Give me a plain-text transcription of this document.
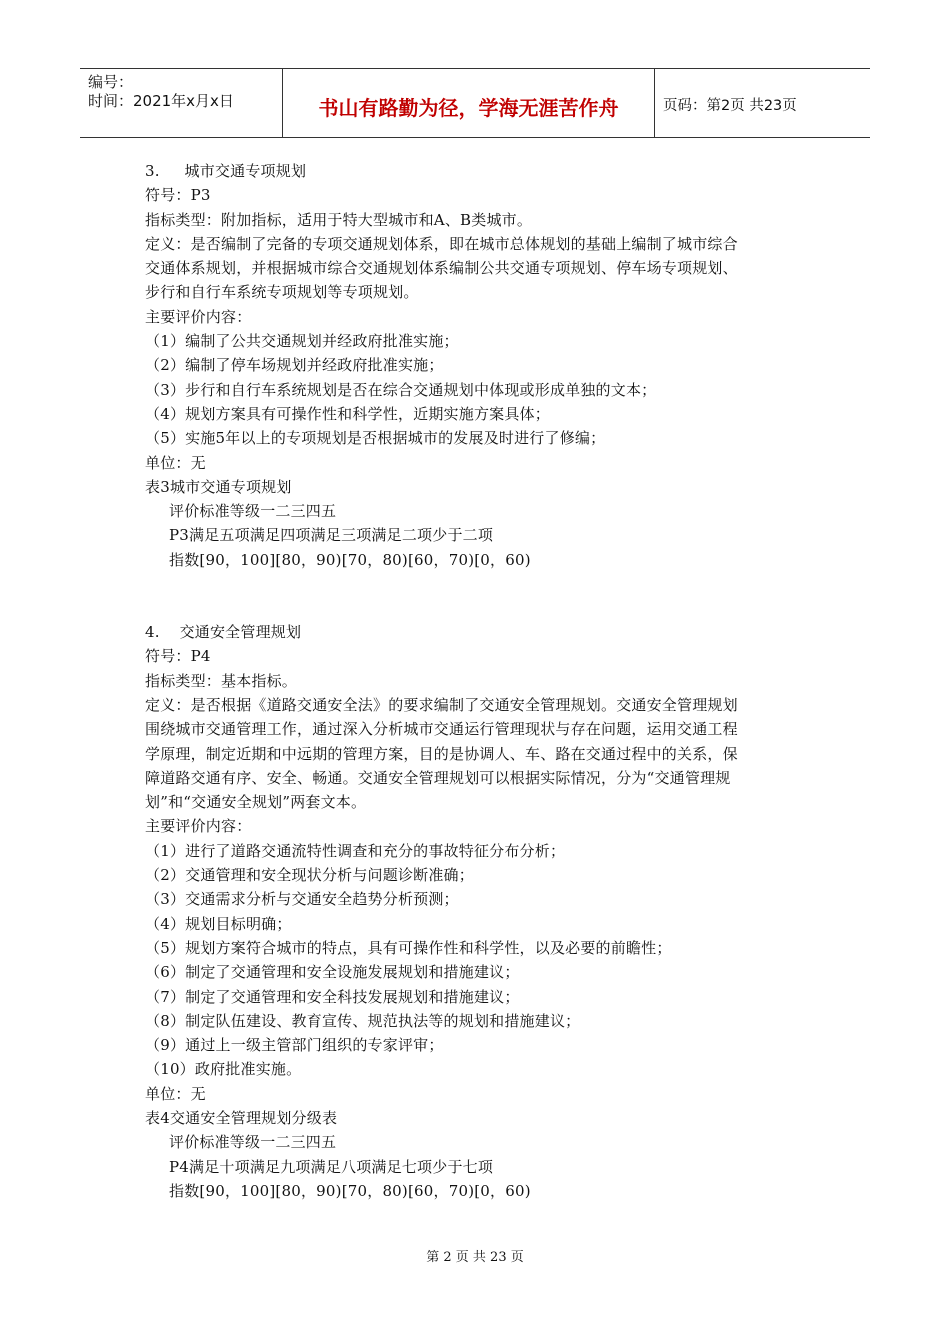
编号：
时间：2021年x月x日	书山有路勤为径，学海无涯苦作舟	页码：第2页 共23页
3.     城市交通专项规划
符号：P3
指标类型：附加指标，适用于特大型城市和A、B类城市。
定义：是否编制了完备的专项交通规划体系，即在城市总体规划的基础上编制了城市综合
交通体系规划，并根据城市综合交通规划体系编制公共交通专项规划、停车场专项规划、
步行和自行车系统专项规划等专项规划。
主要评价内容：
（1）编制了公共交通规划并经政府批准实施；
（2）编制了停车场规划并经政府批准实施；
（3）步行和自行车系统规划是否在综合交通规划中体现或形成单独的文本；
（4）规划方案具有可操作性和科学性，近期实施方案具体；
（5）实施5年以上的专项规划是否根据城市的发展及时进行了修编；
单位：无
表3城市交通专项规划
评价标准等级一二三四五
P3满足五项满足四项满足三项满足二项少于二项
指数[90，100][80，90)[70，80)[60，70)[0，60)
4.    交通安全管理规划
符号：P4
指标类型：基本指标。
定义：是否根据《道路交通安全法》的要求编制了交通安全管理规划。交通安全管理规划
围绕城市交通管理工作，通过深入分析城市交通运行管理现状与存在问题，运用交通工程
学原理，制定近期和中远期的管理方案，目的是协调人、车、路在交通过程中的关系，保
障道路交通有序、安全、畅通。交通安全管理规划可以根据实际情况，分为“交通管理规
划”和“交通安全规划”两套文本。
主要评价内容：
（1）进行了道路交通流特性调查和充分的事故特征分布分析；
（2）交通管理和安全现状分析与问题诊断准确；
（3）交通需求分析与交通安全趋势分析预测；
（4）规划目标明确；
（5）规划方案符合城市的特点，具有可操作性和科学性，以及必要的前瞻性；
（6）制定了交通管理和安全设施发展规划和措施建议；
（7）制定了交通管理和安全科技发展规划和措施建议；
（8）制定队伍建设、教育宣传、规范执法等的规划和措施建议；
（9）通过上一级主管部门组织的专家评审；
（10）政府批准实施。
单位：无
表4交通安全管理规划分级表
评价标准等级一二三四五
P4满足十项满足九项满足八项满足七项少于七项
指数[90，100][80，90)[70，80)[60，70)[0，60)
第 2 页 共 23 页
